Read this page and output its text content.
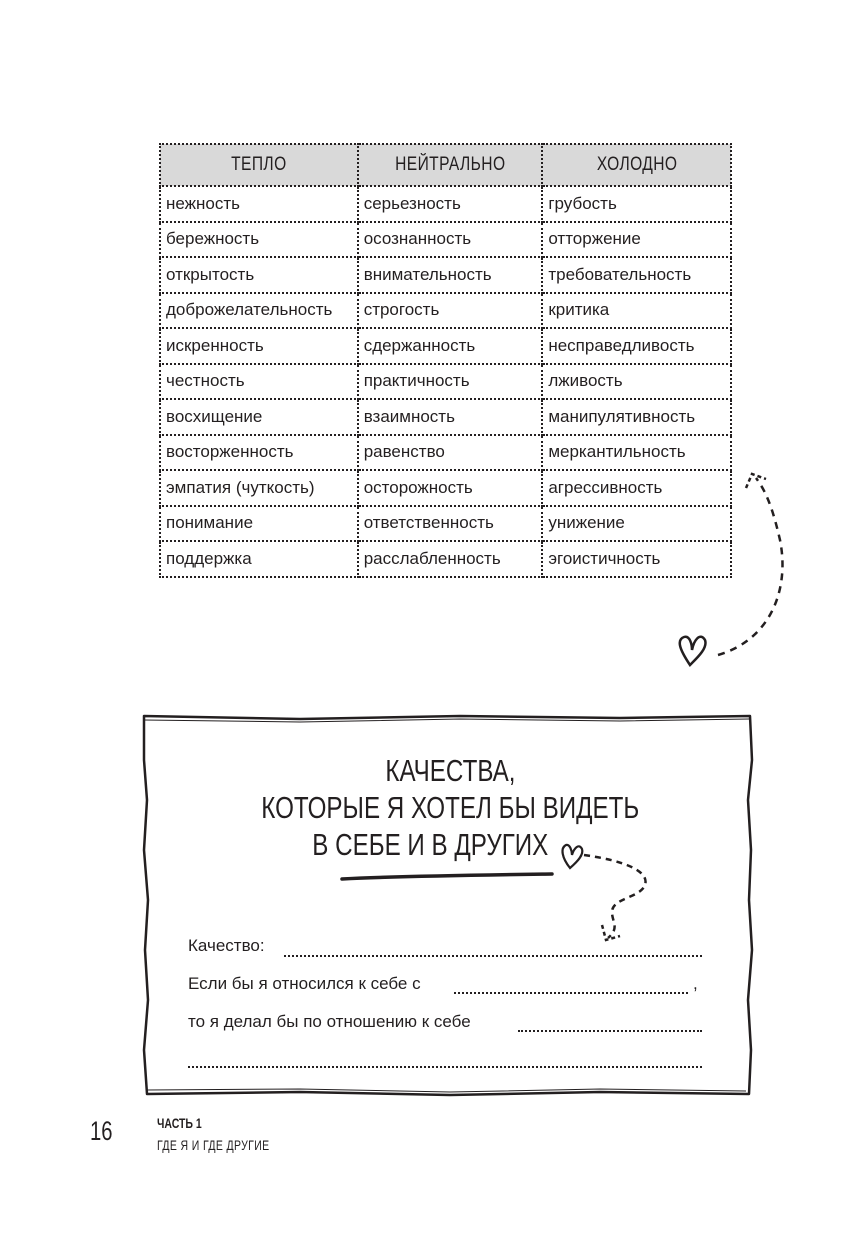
ТЕПЛО	НЕЙТРАЛЬНО	ХОЛОДНО
нежность	серьезность	грубость
бережность	осознанность	отторжение
открытость	внимательность	требовательность
доброжелательность	строгость	критика
искренность	сдержанность	несправедливость
честность	практичность	лживость
восхищение	взаимность	манипулятивность
восторженность	равенство	меркантильность
эмпатия (чуткость)	осторожность	агрессивность
понимание	ответственность	унижение
поддержка	расслабленность	эгоистичность
КАЧЕСТВА,
КОТОРЫЕ Я ХОТЕЛ БЫ ВИДЕТЬ
В СЕБЕ И В ДРУГИХ
Качество:
Если бы я относился к себе с	,
то я делал бы по отношению к себе
16	ЧАСТЬ 1
ГДЕ Я И ГДЕ ДРУГИЕ
